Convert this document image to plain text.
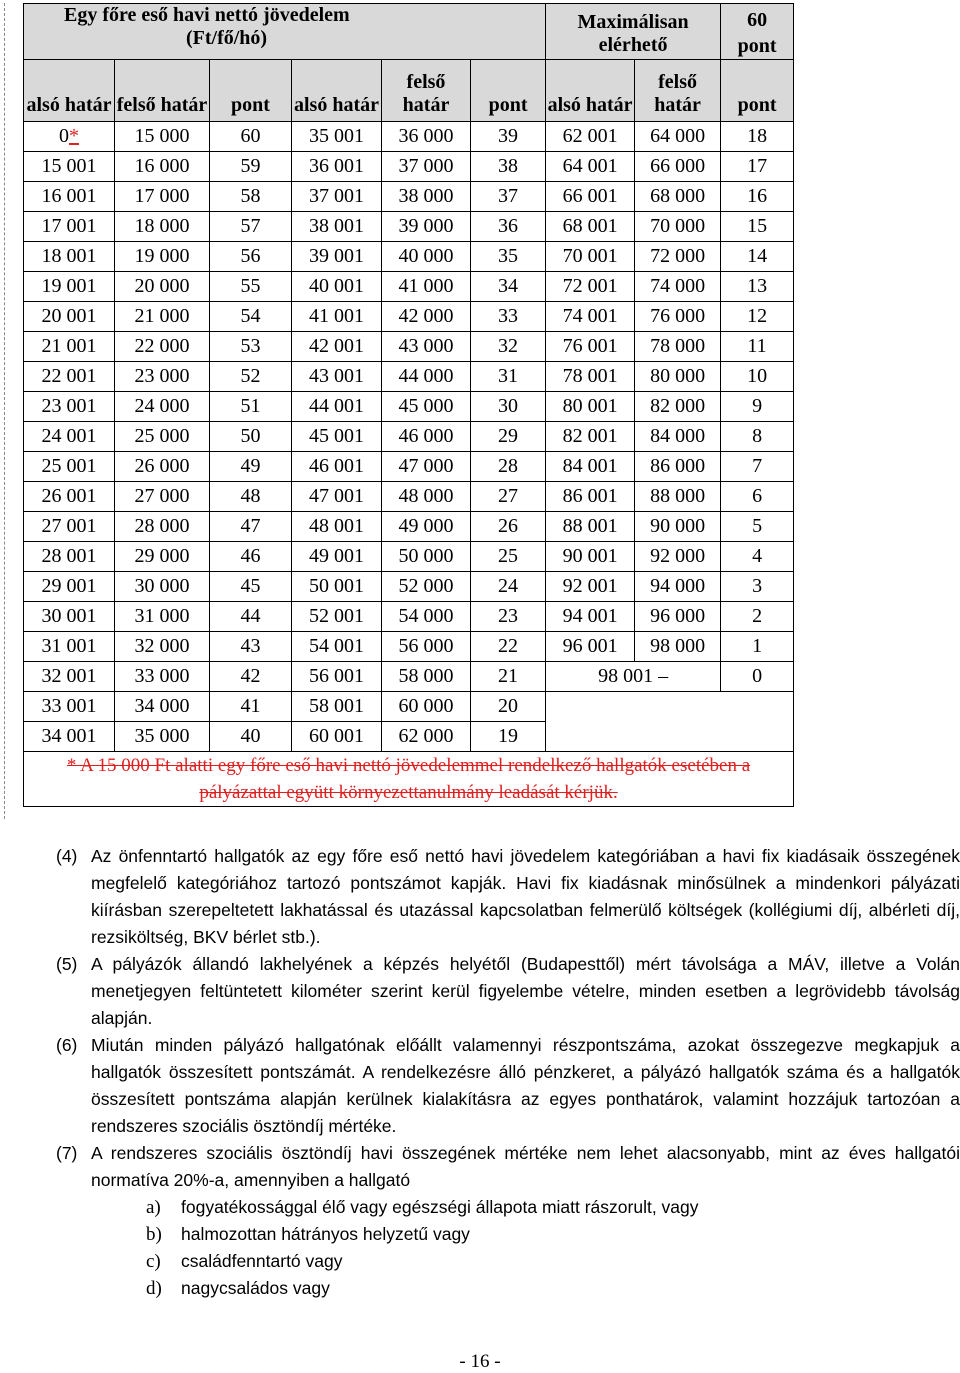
Egy főre eső havi nettó jövedelem
(Ft/fő/hó)						Maximálisan elérhető		60 pont

alsó határ	felső határ	pont	alsó határ	felső határ	pont	alsó határ	felső határ	pont
0*	15 000	60	35 001	36 000	39	62 001	64 000	18
15 001	16 000	59	36 001	37 000	38	64 001	66 000	17
16 001	17 000	58	37 001	38 000	37	66 001	68 000	16
17 001	18 000	57	38 001	39 000	36	68 001	70 000	15
18 001	19 000	56	39 001	40 000	35	70 001	72 000	14
19 001	20 000	55	40 001	41 000	34	72 001	74 000	13
20 001	21 000	54	41 001	42 000	33	74 001	76 000	12
21 001	22 000	53	42 001	43 000	32	76 001	78 000	11
22 001	23 000	52	43 001	44 000	31	78 001	80 000	10
23 001	24 000	51	44 001	45 000	30	80 001	82 000	9
24 001	25 000	50	45 001	46 000	29	82 001	84 000	8
25 001	26 000	49	46 001	47 000	28	84 001	86 000	7
26 001	27 000	48	47 001	48 000	27	86 001	88 000	6
27 001	28 000	47	48 001	49 000	26	88 001	90 000	5
28 001	29 000	46	49 001	50 000	25	90 001	92 000	4
29 001	30 000	45	50 001	52 000	24	92 001	94 000	3
30 001	31 000	44	52 001	54 000	23	94 001	96 000	2
31 001	32 000	43	54 001	56 000	22	96 001	98 000	1
32 001	33 000	42	56 001	58 000	21	98 001 –		0
33 001	34 000	41	58 001	60 000	20			
34 001	35 000	40	60 001	62 000	19			
* A 15 000 Ft alatti egy főre eső havi nettó jövedelemmel rendelkező hallgatók esetében a pályázattal együtt környezettanulmány leadását kérjük.								
(4) Az önfenntartó hallgatók az egy főre eső nettó havi jövedelem kategóriában a havi fix kiadásaik összegének megfelelő kategóriához tartozó pontszámot kapják. Havi fix kiadásnak minősülnek a mindenkori pályázati kiírásban szerepeltetett lakhatással és utazással kapcsolatban felmerülő költségek (kollégiumi díj, albérleti díj, rezsiköltség, BKV bérlet stb.).
(5) A pályázók állandó lakhelyének a képzés helyétől (Budapesttől) mért távolsága a MÁV, illetve a Volán menetjegyen feltüntetett kilométer szerint kerül figyelembe vételre, minden esetben a legrövidebb távolság alapján.
(6) Miután minden pályázó hallgatónak előállt valamennyi részpontszáma, azokat összegezve megkapjuk a hallgatók összesített pontszámát. A rendelkezésre álló pénzkeret, a pályázó hallgatók száma és a hallgatók összesített pontszáma alapján kerülnek kialakításra az egyes ponthatárok, valamint hozzájuk tartozóan a rendszeres szociális ösztöndíj mértéke.
(7) A rendszeres szociális ösztöndíj havi összegének mértéke nem lehet alacsonyabb, mint az éves hallgatói normatíva 20%-a, amennyiben a hallgató
a) fogyatékossággal élő vagy egészségi állapota miatt rászorult, vagy
b) halmozottan hátrányos helyzetű vagy
c) családfenntartó vagy
d) nagycsaládos vagy
- 16 -
